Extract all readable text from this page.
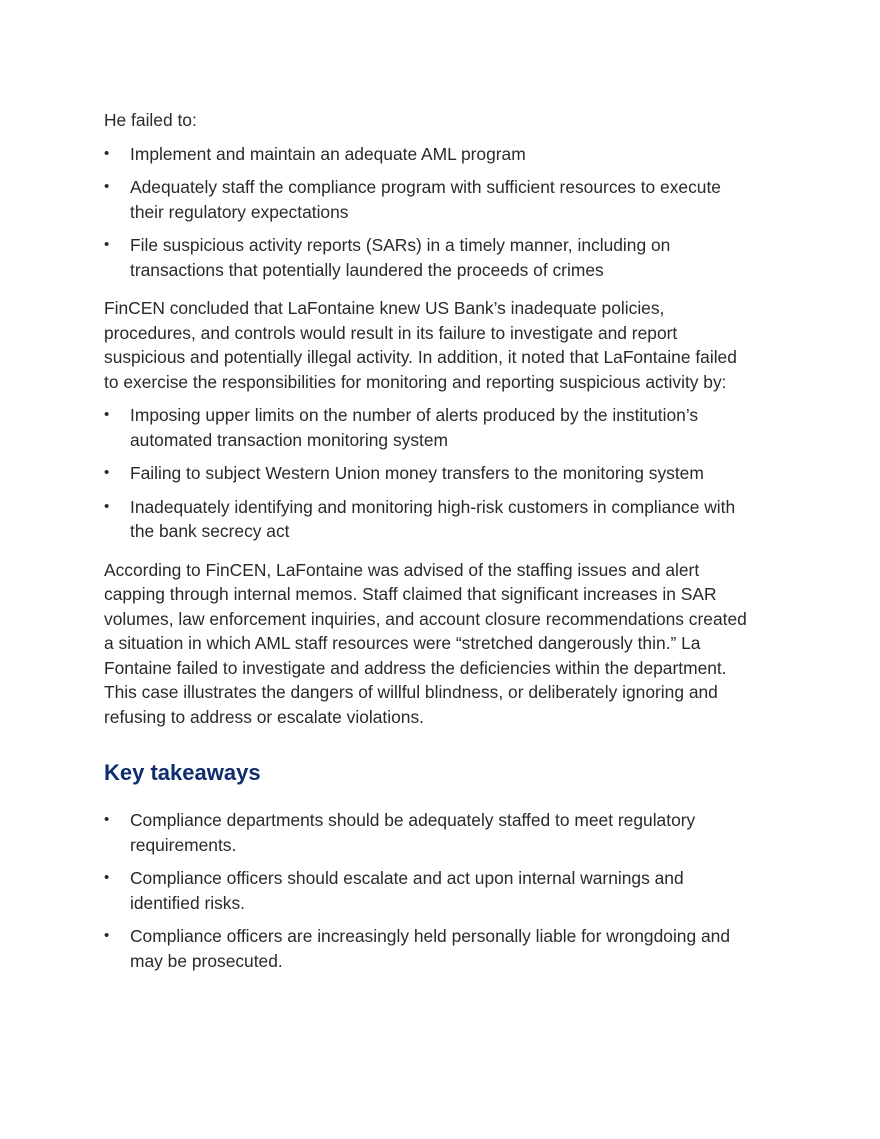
He failed to:

•	Implement and maintain an adequate AML program
•	Adequately staff the compliance program with sufficient resources to execute their regulatory expectations
•	File suspicious activity reports (SARs) in a timely manner, including on transactions that potentially laundered the proceeds of crimes

FinCEN concluded that LaFontaine knew US Bank’s inadequate policies, procedures, and controls would result in its failure to investigate and report suspicious and potentially illegal activity. In addition, it noted that LaFontaine failed to exercise the responsibilities for monitoring and reporting suspicious activity by:

•	Imposing upper limits on the number of alerts produced by the institution’s automated transaction monitoring system
•	Failing to subject Western Union money transfers to the monitoring system
•	Inadequately identifying and monitoring high-risk customers in compliance with the bank secrecy act

According to FinCEN, LaFontaine was advised of the staffing issues and alert capping through internal memos. Staff claimed that significant increases in SAR volumes, law enforcement inquiries, and account closure recommendations created a situation in which AML staff resources were “stretched dangerously thin.” La Fontaine failed to investigate and address the deficiencies within the department. This case illustrates the dangers of willful blindness, or deliberately ignoring and refusing to address or escalate violations.

Key takeaways
•	Compliance departments should be adequately staffed to meet regulatory requirements.
•	Compliance officers should escalate and act upon internal warnings and identified risks.
•	Compliance officers are increasingly held personally liable for wrongdoing and may be prosecuted.
